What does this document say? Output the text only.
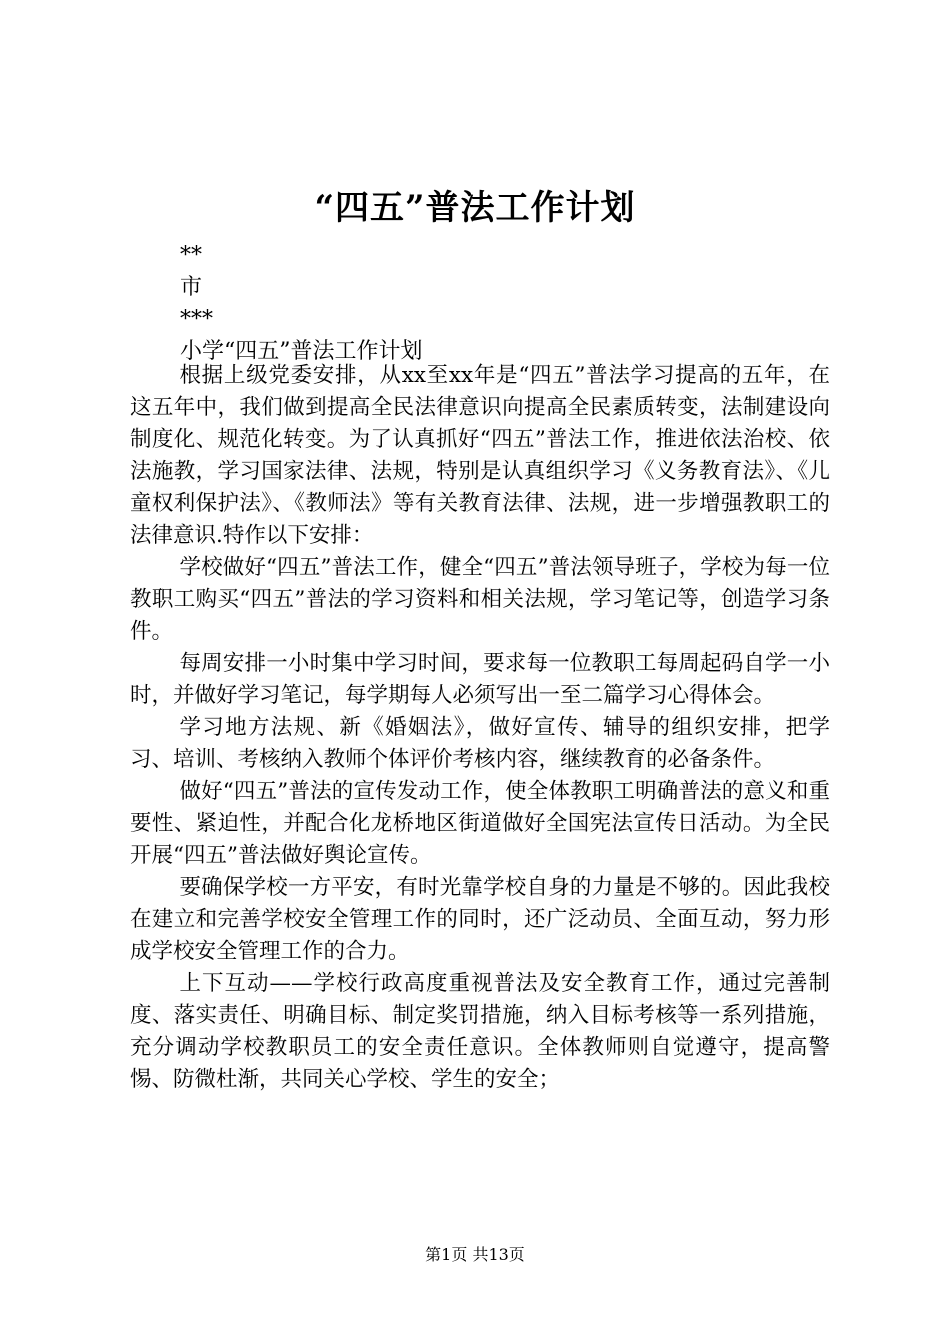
“四五”普法工作计划
**
市
***
小学“四五”普法工作计划

根据上级党委安排，从xx至xx年是“四五”普法学习提高的五年，在这五年中，我们做到提高全民法律意识向提高全民素质转变，法制建设向制度化、规范化转变。为了认真抓好“四五”普法工作，推进依法治校、依法施教，学习国家法律、法规，特别是认真组织学习《义务教育法》、《儿童权利保护法》、《教师法》等有关教育法律、法规，进一步增强教职工的法律意识.特作以下安排：

学校做好“四五”普法工作，健全“四五”普法领导班子，学校为每一位教职工购买“四五”普法的学习资料和相关法规，学习笔记等，创造学习条件。

每周安排一小时集中学习时间，要求每一位教职工每周起码自学一小时，并做好学习笔记，每学期每人必须写出一至二篇学习心得体会。

学习地方法规、新《婚姻法》，做好宣传、辅导的组织安排，把学习、培训、考核纳入教师个体评价考核内容，继续教育的必备条件。

做好“四五”普法的宣传发动工作，使全体教职工明确普法的意义和重要性、紧迫性，并配合化龙桥地区街道做好全国宪法宣传日活动。为全民开展“四五”普法做好舆论宣传。

要确保学校一方平安，有时光靠学校自身的力量是不够的。因此我校在建立和完善学校安全管理工作的同时，还广泛动员、全面互动，努力形成学校安全管理工作的合力。

上下互动——学校行政高度重视普法及安全教育工作，通过完善制度、落实责任、明确目标、制定奖罚措施，纳入目标考核等一系列措施，充分调动学校教职员工的安全责任意识。全体教师则自觉遵守，提高警惕、防微杜渐，共同关心学校、学生的安全；

第1页 共13页
